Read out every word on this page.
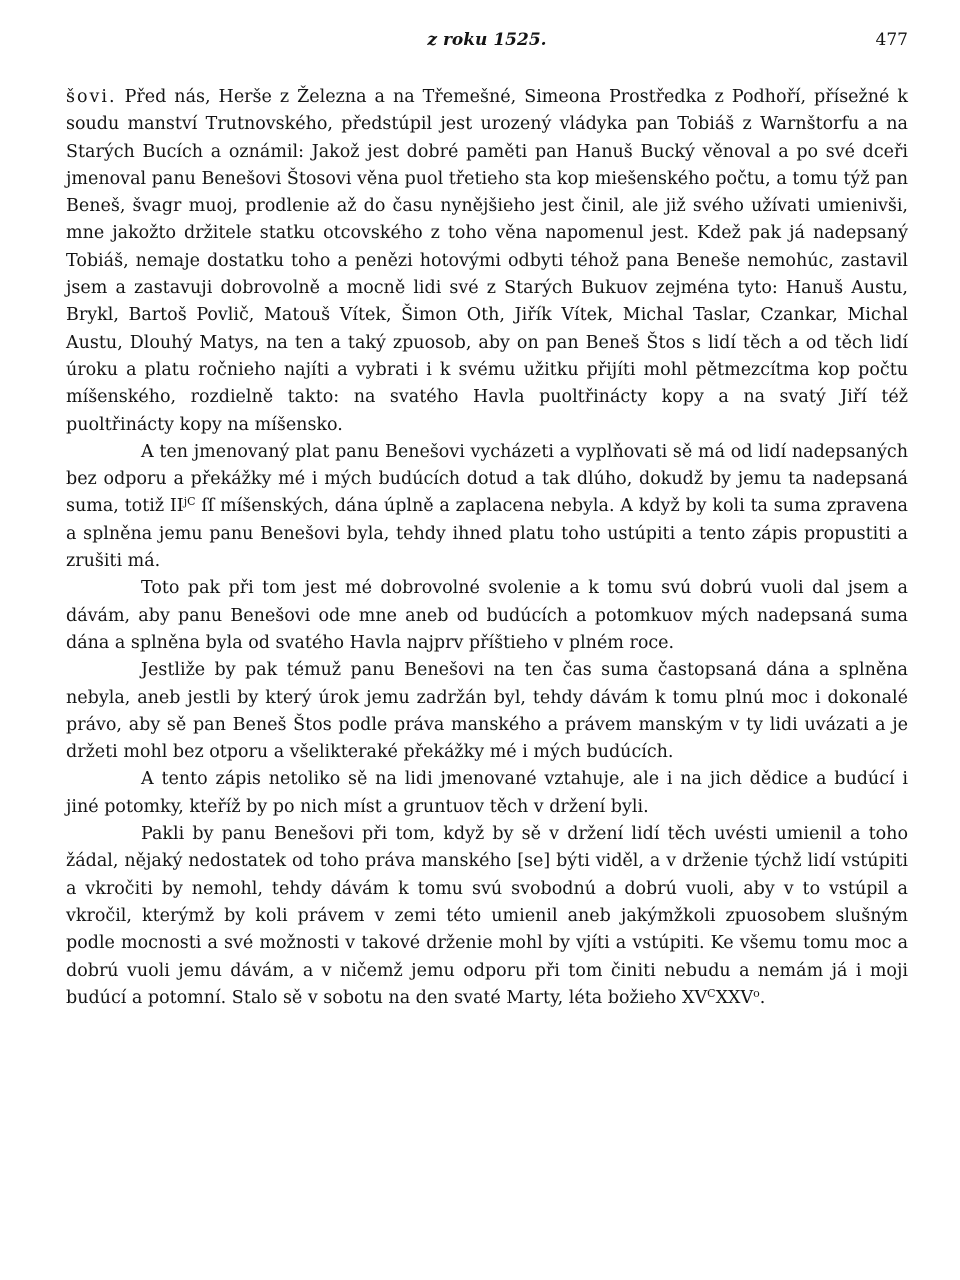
z roku 1525.	477

šovi. Před nás, Herše z Železna a na Třemešné, Simeona Prostředka z Podhoří, přísežné k soudu manství Trutnovského, předstúpil jest urozený vládyka pan Tobiáš z Warnštorfu a na Starých Bucích a oznámil: Jakož jest dobré paměti pan Hanuš Bucký věnoval a po své dceři jmenoval panu Benešovi Štosovi věna puol třetieho sta kop miešenského počtu, a tomu týž pan Beneš, švagr muoj, prodlenie až do času nynějšieho jest činil, ale již svého užívati umienivši, mne jakožto držitele statku otcovského z toho věna napomenul jest. Kdež pak já nadepsaný Tobiáš, nemaje dostatku toho a penězi hotovými odbyti téhož pana Beneše nemohúc, zastavil jsem a zastavuji dobrovolně a mocně lidi své z Starých Bukuov zejména tyto: Hanuš Austu, Brykl, Bartoš Povlič, Matouš Vítek, Šimon Oth, Jiřík Vítek, Michal Taslar, Czankar, Michal Austu, Dlouhý Matys, na ten a taký zpuosob, aby on pan Beneš Štos s lidí těch a od těch lidí úroku a platu ročnieho najíti a vybrati i k svému užitku přijíti mohl pětmezcítma kop počtu míšenského, rozdielně takto: na svatého Havla puoltřinácty kopy a na svatý Jiří též puoltřinácty kopy na míšensko.

A ten jmenovaný plat panu Benešovi vycházeti a vyplňovati sě má od lidí nadepsaných bez odporu a překážky mé i mých budúcích dotud a tak dlúho, dokudž by jemu ta nadepsaná suma, totiž $II^{jC}$ ſſ míšenských, dána úplně a zaplacena nebyla. A když by koli ta suma zpravena a splněna jemu panu Benešovi byla, tehdy ihned platu toho ustúpiti a tento zápis propustiti a zrušiti má.

Toto pak při tom jest mé dobrovolné svolenie a k tomu svú dobrú vuoli dal jsem a dávám, aby panu Benešovi ode mne aneb od budúcích a potomkuov mých nadepsaná suma dána a splněna byla od svatého Havla najprv příštieho v plném roce.

Jestliže by pak témuž panu Benešovi na ten čas suma častopsaná dána a splněna nebyla, aneb jestli by který úrok jemu zadržán byl, tehdy dávám k tomu plnú moc i dokonalé právo, aby sě pan Beneš Štos podle práva manského a právem manským v ty lidi uvázati a je držeti mohl bez otporu a všelikteraké překážky mé i mých budúcích.

A tento zápis netoliko sě na lidi jmenované vztahuje, ale i na jich dědice a budúcí i jiné potomky, kteříž by po nich míst a gruntuov těch v držení byli.

Pakli by panu Benešovi při tom, když by sě v držení lidí těch uvésti umienil a toho žádal, nějaký nedostatek od toho práva manského [se] býti viděl, a v drženie týchž lidí vstúpiti a vkročiti by nemohl, tehdy dávám k tomu svú svobodnú a dobrú vuoli, aby v to vstúpil a vkročil, kterýmž by koli právem v zemi této umienil aneb jakýmžkoli zpuosobem slušným podle mocnosti a své možnosti v takové drženie mohl by vjíti a vstúpiti. Ke všemu tomu moc a dobrú vuoli jemu dávám, a v ničemž jemu odporu při tom činiti nebudu a nemám já i moji budúcí a potomní. Stalo sě v sobotu na den svaté Marty, léta božieho $XV^CXXV^o$.
